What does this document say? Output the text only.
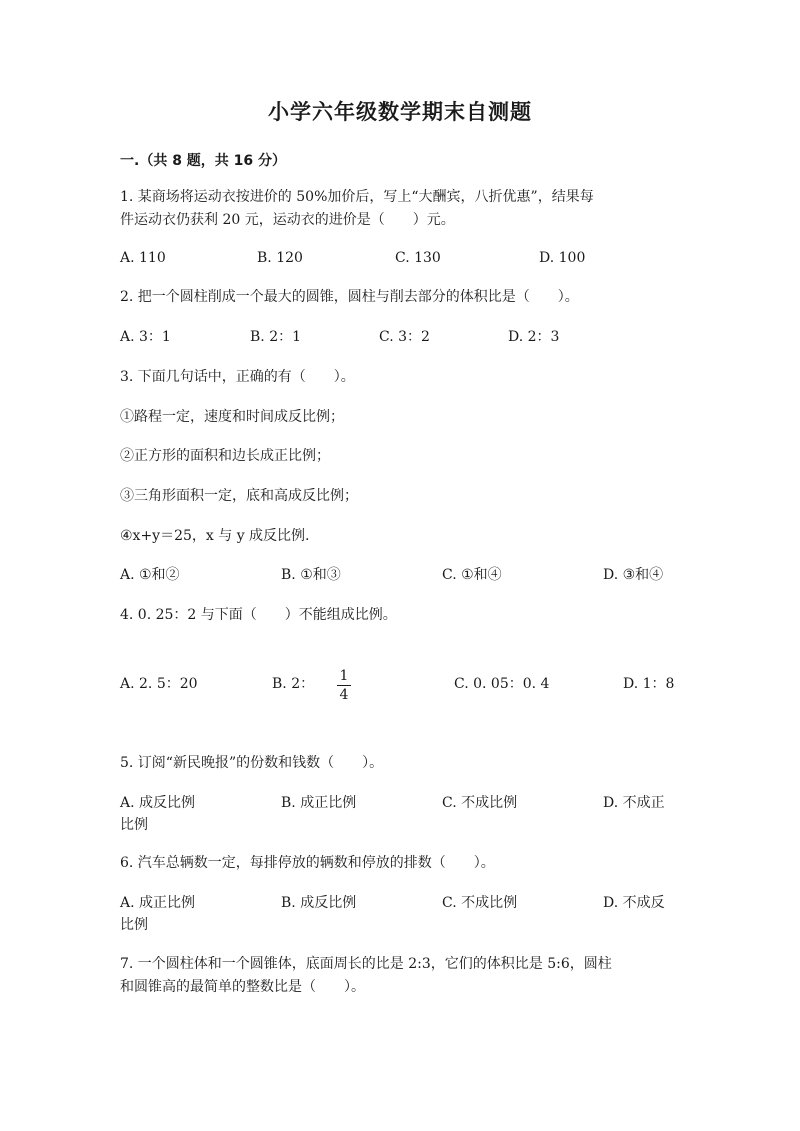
小学六年级数学期末自测题
一.（共 8 题，共 16 分）
1. 某商场将运动衣按进价的 50%加价后，写上“大酬宾，八折优惠”，结果每
件运动衣仍获利 20 元，运动衣的进价是（　　）元。
A. 110	B. 120	C. 130	D. 100
2. 把一个圆柱削成一个最大的圆锥，圆柱与削去部分的体积比是（　　）。
A. 3：1	B. 2：1	C. 3：2	D. 2：3
3. 下面几句话中，正确的有（　　）。
①路程一定，速度和时间成反比例；
②正方形的面积和边长成正比例；
③三角形面积一定，底和高成反比例；
④x+y＝25，x 与 y 成反比例.
A. ①和②	B. ①和③	C. ①和④	D. ③和④
4. 0. 25：2 与下面（　　）不能组成比例。
A. 2. 5：20	B. 2：	C. 0. 05：0. 4	D. 1：8
1
4
5. 订阅“新民晚报”的份数和钱数（　　）。
A. 成反比例	B. 成正比例	C. 不成比例	D. 不成正
比例
6. 汽车总辆数一定，每排停放的辆数和停放的排数（　　）。
A. 成正比例	B. 成反比例	C. 不成比例	D. 不成反
比例
7. 一个圆柱体和一个圆锥体，底面周长的比是 2:3，它们的体积比是 5:6，圆柱
和圆锥高的最简单的整数比是（　　）。
